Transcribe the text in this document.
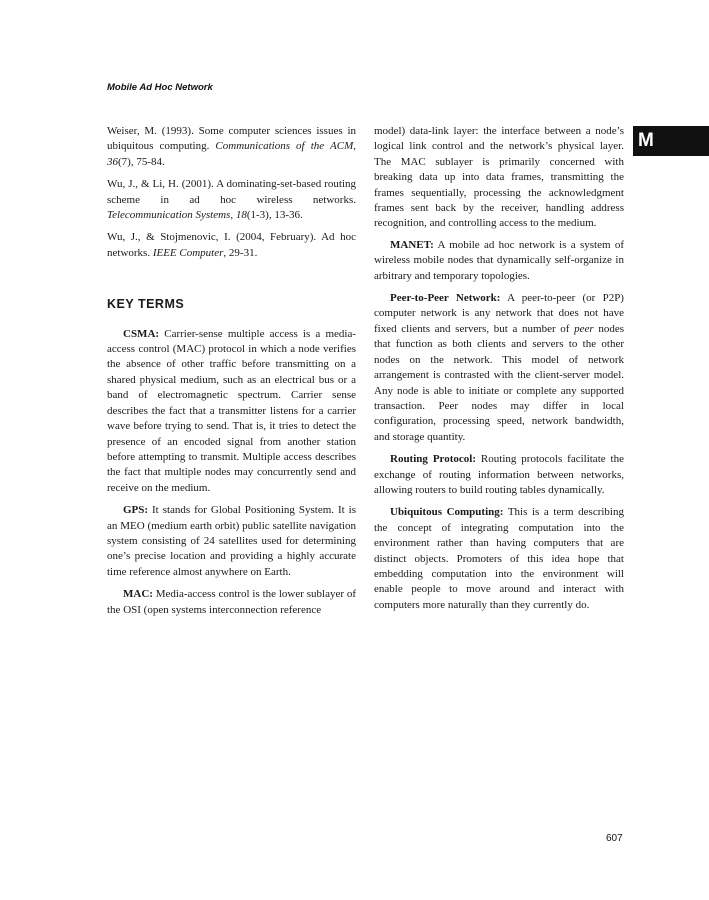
Mobile Ad Hoc Network
M

Weiser, M. (1993). Some computer sciences issues in ubiquitous computing. Communications of the ACM, 36(7), 75-84.

Wu, J., & Li, H. (2001). A dominating-set-based routing scheme in ad hoc wireless networks. Telecommunication Systems, 18(1-3), 13-36.

Wu, J., & Stojmenovic, I. (2004, February). Ad hoc networks. IEEE Computer, 29-31.

KEY TERMS

CSMA: Carrier-sense multiple access is a media-access control (MAC) protocol in which a node verifies the absence of other traffic before transmitting on a shared physical medium, such as an electrical bus or a band of electromagnetic spectrum. Carrier sense describes the fact that a transmitter listens for a carrier wave before trying to send. That is, it tries to detect the presence of an encoded signal from another station before attempting to transmit. Multiple access describes the fact that multiple nodes may concurrently send and receive on the medium.

GPS: It stands for Global Positioning System. It is an MEO (medium earth orbit) public satellite navigation system consisting of 24 satellites used for determining one’s precise location and providing a highly accurate time reference almost anywhere on Earth.

MAC: Media-access control is the lower sublayer of the OSI (open systems interconnection reference

model) data-link layer: the interface between a node’s logical link control and the network’s physical layer. The MAC sublayer is primarily concerned with breaking data up into data frames, transmitting the frames sequentially, processing the acknowledgment frames sent back by the receiver, handling address recognition, and controlling access to the medium.

MANET: A mobile ad hoc network is a system of wireless mobile nodes that dynamically self-organize in arbitrary and temporary topologies.

Peer-to-Peer Network: A peer-to-peer (or P2P) computer network is any network that does not have fixed clients and servers, but a number of peer nodes that function as both clients and servers to the other nodes on the network. This model of network arrangement is contrasted with the client-server model. Any node is able to initiate or complete any supported transaction. Peer nodes may differ in local configuration, processing speed, network bandwidth, and storage quantity.

Routing Protocol: Routing protocols facilitate the exchange of routing information between networks, allowing routers to build routing tables dynamically.

Ubiquitous Computing: This is a term describing the concept of integrating computation into the environment rather than having computers that are distinct objects. Promoters of this idea hope that embedding computation into the environment will enable people to move around and interact with computers more naturally than they currently do.

607
